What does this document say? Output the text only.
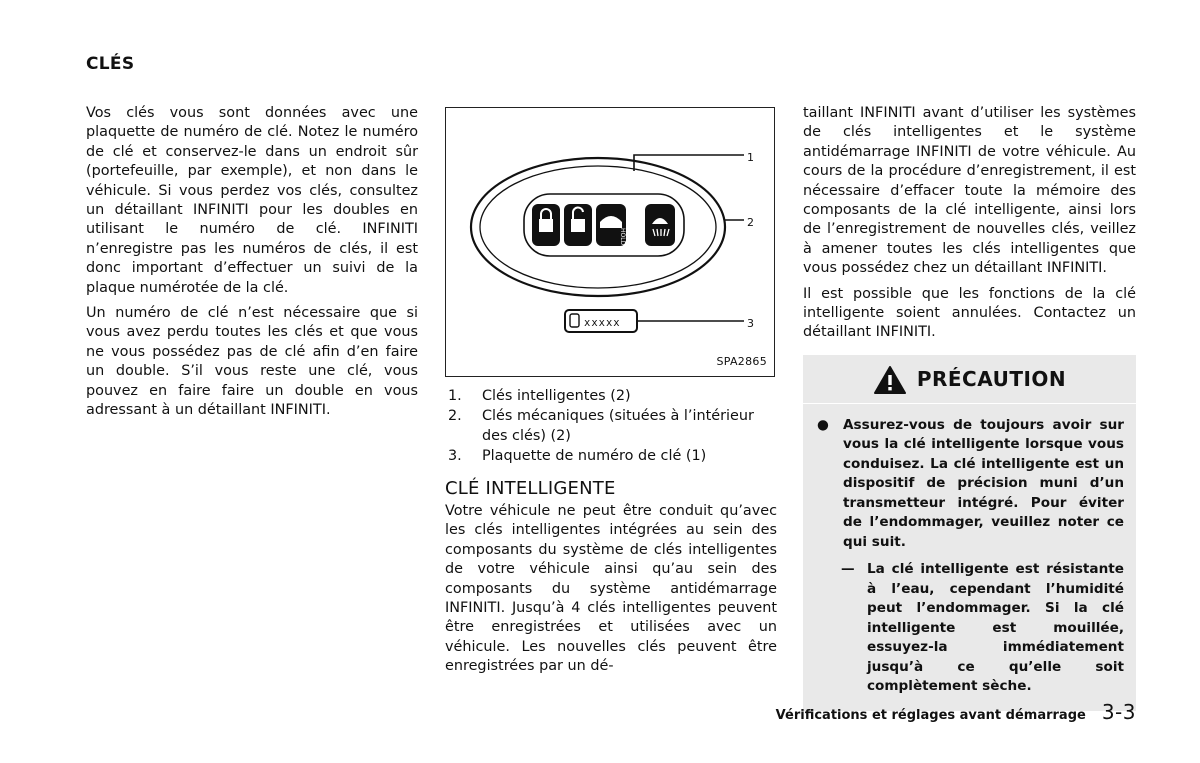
CLÉS

Vos clés vous sont données avec une plaquette de numéro de clé. Notez le numéro de clé et conservez-le dans un endroit sûr (portefeuille, par exemple), et non dans le véhicule. Si vous perdez vos clés, consultez un détaillant INFINITI pour les doubles en utilisant le numéro de clé. INFINITI n’enregistre pas les numéros de clés, il est donc important d’effectuer un suivi de la plaque numérotée de la clé.

Un numéro de clé n’est nécessaire que si vous avez perdu toutes les clés et que vous ne vous possédez pas de clé afin d’en faire un double. S’il vous reste une clé, vous pouvez en faire faire un double en vous adressant à un détaillant INFINITI.

HOLD
xxxxx
1
2
3
SPA2865
1.	Clés intelligentes (2)
2.	Clés mécaniques (situées à l’intérieur des clés) (2)
3.	Plaquette de numéro de clé (1)
CLÉ INTELLIGENTE

Votre véhicule ne peut être conduit qu’avec les clés intelligentes intégrées au sein des composants du système de clés intelligentes de votre véhicule ainsi qu’au sein des composants du système antidémarrage INFINITI. Jusqu’à 4 clés intelligentes peuvent être enregistrées et utilisées avec un véhicule. Les nouvelles clés peuvent être enregistrées par un dé-

taillant INFINITI avant d’utiliser les systèmes de clés intelligentes et le système antidémarrage INFINITI de votre véhicule. Au cours de la procédure d’enregistrement, il est nécessaire d’effacer toute la mémoire des composants de la clé intelligente, ainsi lors de l’enregistrement de nouvelles clés, veillez à amener toutes les clés intelligentes que vous possédez chez un détaillant INFINITI.

Il est possible que les fonctions de la clé intelligente soient annulées. Contactez un détaillant INFINITI.

PRÉCAUTION
●	Assurez-vous de toujours avoir sur vous la clé intelligente lorsque vous conduisez. La clé intelligente est un dispositif de précision muni d’un transmetteur intégré. Pour éviter de l’endommager, veuillez noter ce qui suit.
— La clé intelligente est résistante à l’eau, cependant l’humidité peut l’endommager. Si la clé intelligente est mouillée, essuyez-la immédiatement jusqu’à ce qu’elle soit complètement sèche.
Vérifications et réglages avant démarrage 3-3
